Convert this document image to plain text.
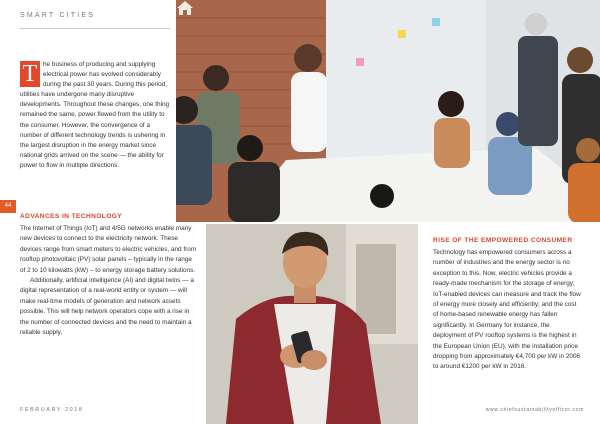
SMART CITIES
T he business of producing and supplying electrical power has evolved considerably during the past 30 years. During this period, utilities have undergone many disruptive developments. Throughout these changes, one thing remained the same, power flowed from the utility to the consumer. However, the convergence of a number of different technology trends is ushering in the largest disruption in the energy market since national grids arrived on the scene — the ability for power to flow in multiple directions.
44
ADVANCES IN TECHNOLOGY

The Internet of Things (IoT) and 4/5G networks enable many new devices to connect to the electricity network. These devices range from smart meters to electric vehicles, and from rooftop photovoltaic (PV) solar panels – typically in the range of 2 to 10 kilowatts (kW) – to energy storage battery solutions.

Additionally, artificial intelligence (AI) and digital twins — a digital representation of a real-world entity or system — will make real-time models of generation and network assets possible. This will help network operators cope with a rise in the number of connected devices and the need to maintain a reliable supply.

RISE OF THE EMPOWERED CONSUMER

Technology has empowered consumers across a number of industries and the energy sector is no exception to this. Now, electric vehicles provide a ready-made mechanism for the storage of energy; IoT-enabled devices can measure and track the flow of energy more closely and efficiently; and the cost of home-based renewable energy has fallen significantly. In Germany for instance, the deployment of PV rooftop systems is the highest in the European Union (EU), with the installation price dropping from approximately €4,700 per kW in 2006 to around €1200 per kW in 2016.

FEBRUARY 2018	www.chiefsustainabilityofficer.com
